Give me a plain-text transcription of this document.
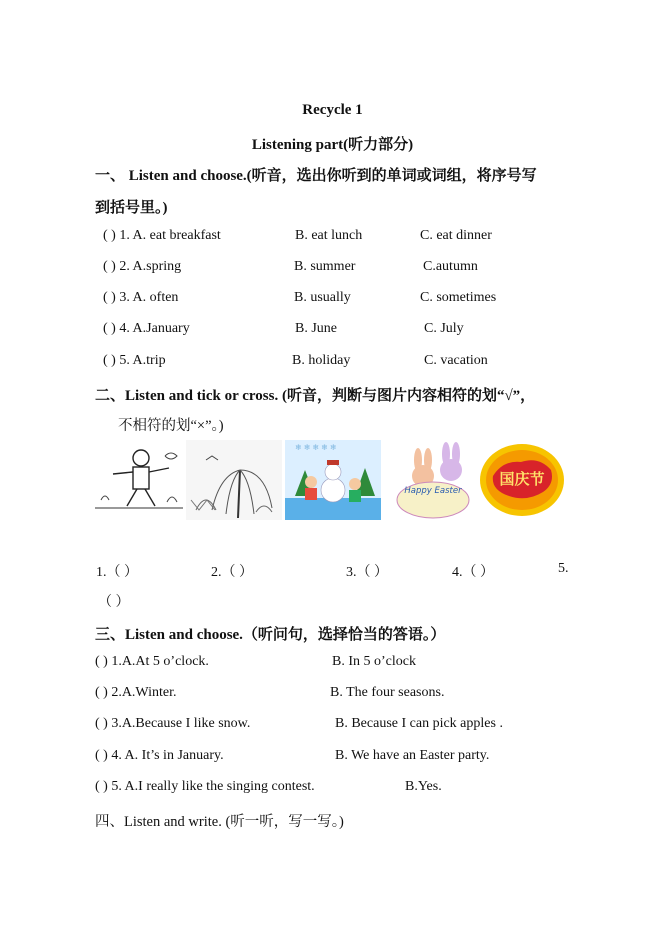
Recycle 1
Listening part(听力部分)
一、 Listen and choose.(听音，选出你听到的单词或词组，将序号写
到括号里。)
( ) 1. A. eat breakfast	B. eat lunch	C. eat dinner
( ) 2. A.spring	B. summer	C.autumn
( ) 3. A. often	B. usually	C. sometimes
( ) 4. A.January	B. June	C. July
( ) 5. A.trip	B. holiday	C. vacation
二、Listen and tick or cross. (听音，判断与图片内容相符的划“√”，
不相符的划“×”。)
❄ ❄ ❄ ❄ ❄
Happy Easter
国庆节
1.（ ）	2.（ ）	3.（ ）	4.（ ）	5.
（ ）
三、Listen and choose.（听问句，选择恰当的答语。）
( ) 1.A.At 5 o’clock.	B. In 5 o’clock
( ) 2.A.Winter.	B. The four seasons.
( ) 3.A.Because I like snow.	B. Because I can pick apples .
( ) 4. A. It’s in January.	B. We have an Easter party.
( ) 5. A.I really like the singing contest.	B.Yes.
四、Listen and write. (听一听，写一写。)
